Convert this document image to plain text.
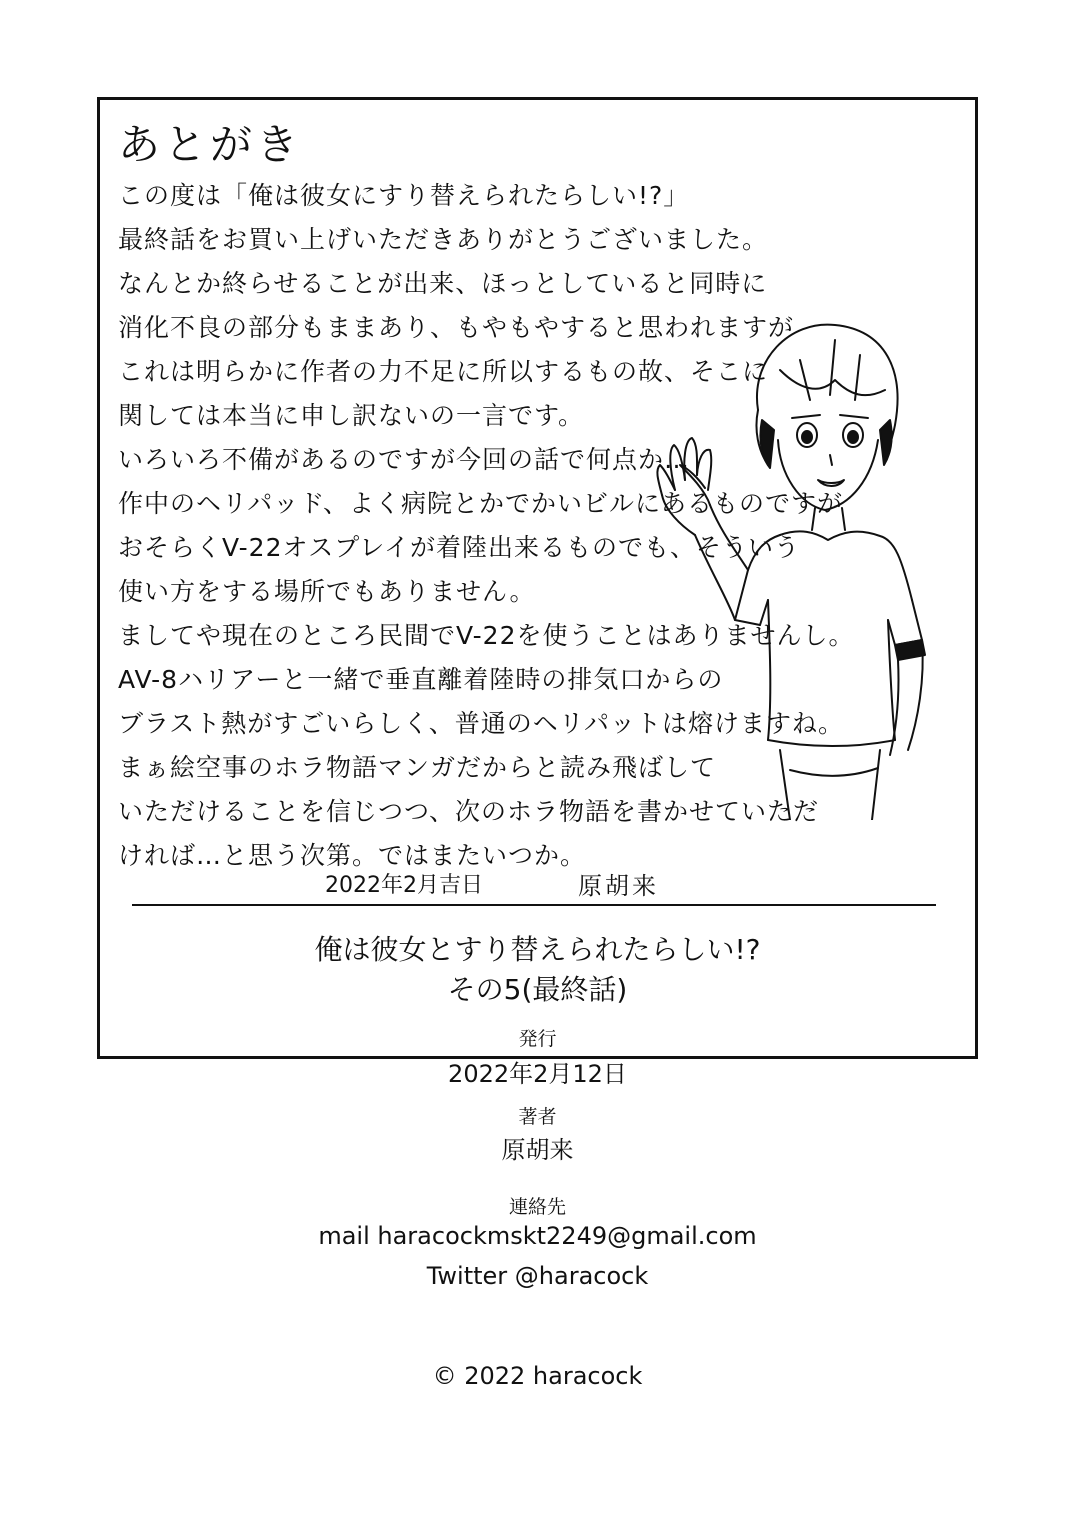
あとがき
この度は「俺は彼女にすり替えられたらしい!?」
最終話をお買い上げいただきありがとうございました。
なんとか終らせることが出来、ほっとしていると同時に
消化不良の部分もままあり、もやもやすると思われますが
これは明らかに作者の力不足に所以するもの故、そこに
関しては本当に申し訳ないの一言です。
いろいろ不備があるのですが今回の話で何点か…
作中のヘリパッド、よく病院とかでかいビルにあるものですが
おそらくV-22オスプレイが着陸出来るものでも、そういう
使い方をする場所でもありません。
ましてや現在のところ民間でV-22を使うことはありませんし。
AV-8ハリアーと一緒で垂直離着陸時の排気口からの
ブラスト熱がすごいらしく、普通のヘリパットは熔けますね。
まぁ絵空事のホラ物語マンガだからと読み飛ばして
いただけることを信じつつ、次のホラ物語を書かせていただ
ければ…と思う次第。ではまたいつか。
2022年2月吉日	原胡来
俺は彼女とすり替えられたらしい!?
その5(最終話)
発行
2022年2月12日
著者
原胡来
連絡先
mail haracockmskt2249@gmail.com
Twitter @haracock
© 2022 haracock
